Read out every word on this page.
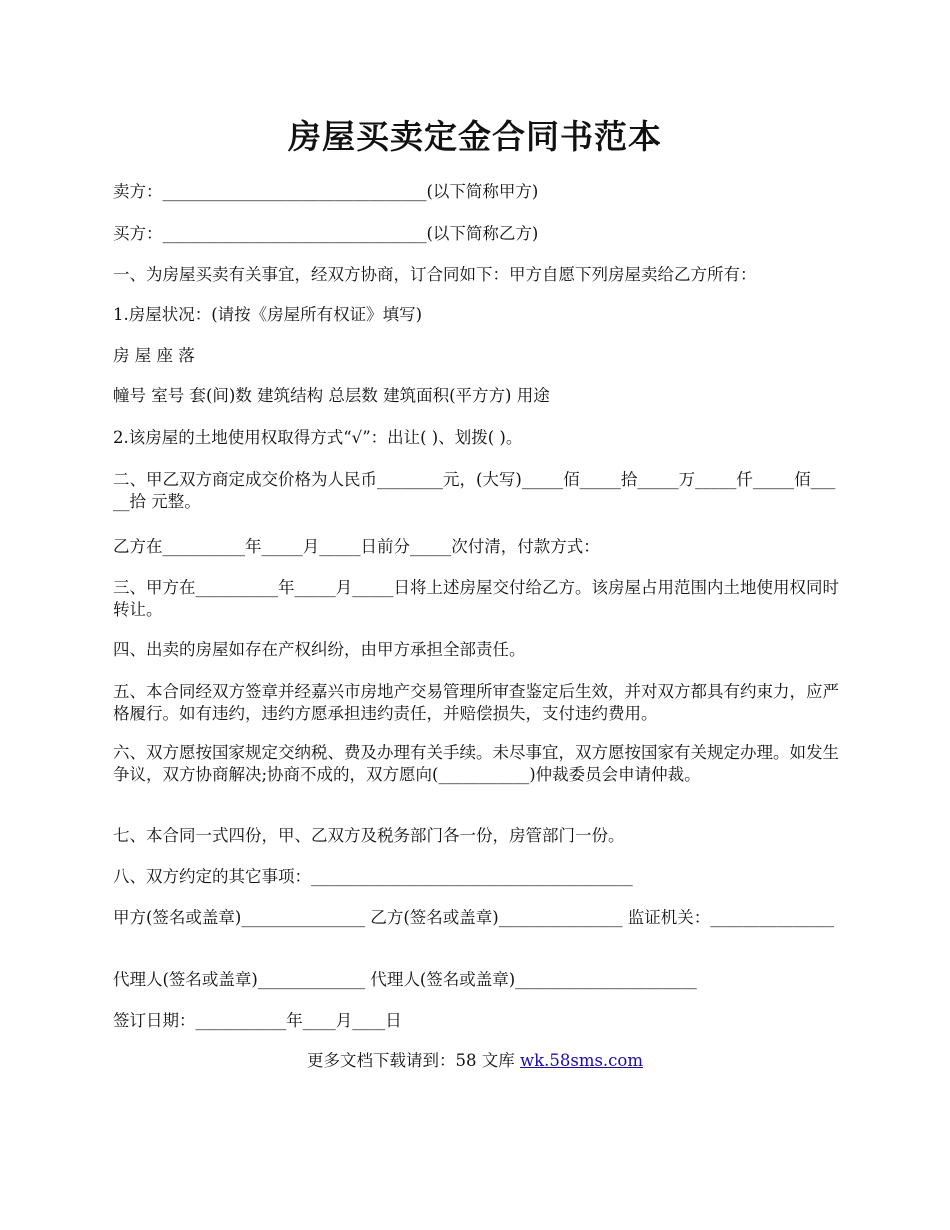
房屋买卖定金合同书范本
卖方：________________________________(以下简称甲方)
买方：________________________________(以下简称乙方)
一、为房屋买卖有关事宜，经双方协商，订合同如下：甲方自愿下列房屋卖给乙方所有：
1.房屋状况：(请按《房屋所有权证》填写)
房 屋 座 落
幢号 室号 套(间)数 建筑结构 总层数 建筑面积(平方方) 用途
2.该房屋的土地使用权取得方式“√”：出让( )、划拨( )。
二、甲乙双方商定成交价格为人民币________元，(大写)_____佰_____拾_____万_____仟_____佰_____拾 元整。
乙方在__________年_____月_____日前分_____次付清，付款方式：
三、甲方在__________年_____月_____日将上述房屋交付给乙方。该房屋占用范围内土地使用权同时转让。
四、出卖的房屋如存在产权纠纷，由甲方承担全部责任。
五、本合同经双方签章并经嘉兴市房地产交易管理所审查鉴定后生效，并对双方都具有约束力，应严格履行。如有违约，违约方愿承担违约责任，并赔偿损失，支付违约费用。
六、双方愿按国家规定交纳税、费及办理有关手续。未尽事宜，双方愿按国家有关规定办理。如发生争议，双方协商解决;协商不成的，双方愿向(___________)仲裁委员会申请仲裁。
七、本合同一式四份，甲、乙双方及税务部门各一份，房管部门一份。
八、双方约定的其它事项：_______________________________________
甲方(签名或盖章)_______________ 乙方(签名或盖章)_______________ 监证机关：_______________
代理人(签名或盖章)_____________ 代理人(签名或盖章)______________________
签订日期：___________年____月____日
更多文档下载请到：58 文库 wk.58sms.com
